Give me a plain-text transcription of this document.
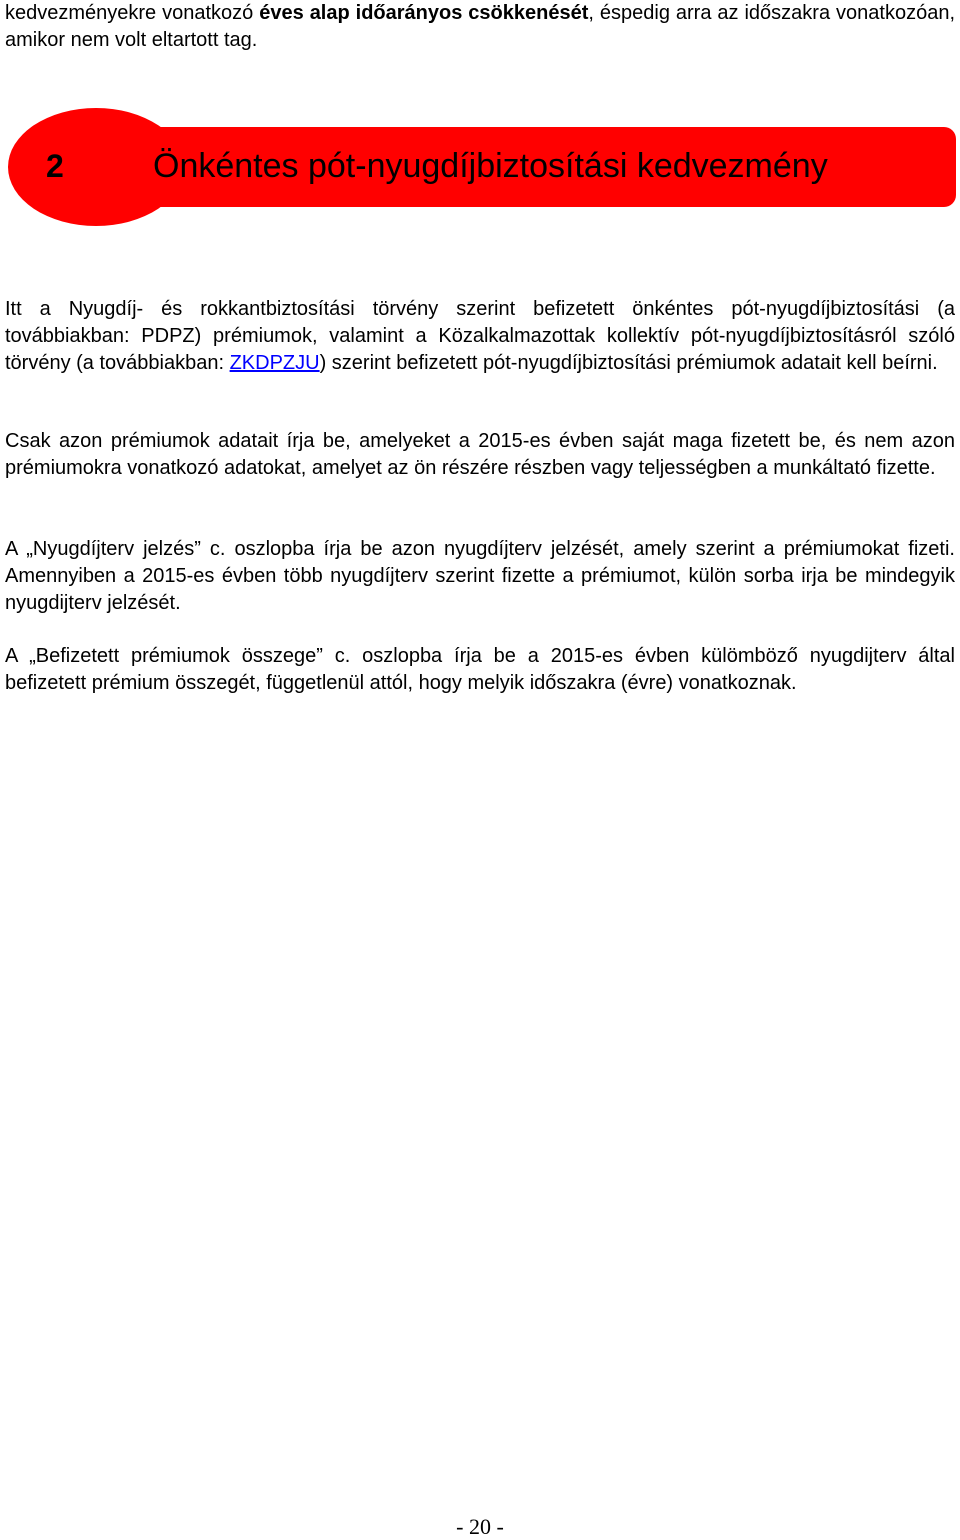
kedvezményekre vonatkozó éves alap időarányos csökkenését, éspedig arra az időszakra vonatkozóan, amikor nem volt eltartott tag.

2	Önkéntes pót-nyugdíjbiztosítási kedvezmény

Itt a Nyugdíj- és rokkantbiztosítási törvény szerint befizetett önkéntes pót-nyugdíjbiztosítási (a továbbiakban: PDPZ) prémiumok, valamint a Közalkalmazottak kollektív pót-nyugdíjbiztosításról szóló törvény (a továbbiakban: ZKDPZJU) szerint befizetett pót-nyugdíjbiztosítási prémiumok adatait kell beírni.

Csak azon prémiumok adatait írja be, amelyeket a 2015-es évben saját maga fizetett be, és nem azon prémiumokra vonatkozó adatokat, amelyet az ön részére részben vagy teljességben a munkáltató fizette.

A „Nyugdíjterv jelzés” c. oszlopba írja be azon nyugdíjterv jelzését, amely szerint a prémiumokat fizeti. Amennyiben a 2015-es évben több nyugdíjterv szerint fizette a prémiumot, külön sorba irja be mindegyik nyugdijterv jelzését.

A „Befizetett prémiumok összege” c. oszlopba írja be a 2015-es évben külömböző nyugdijterv által befizetett prémium összegét, függetlenül attól, hogy melyik időszakra (évre) vonatkoznak.

- 20 -
